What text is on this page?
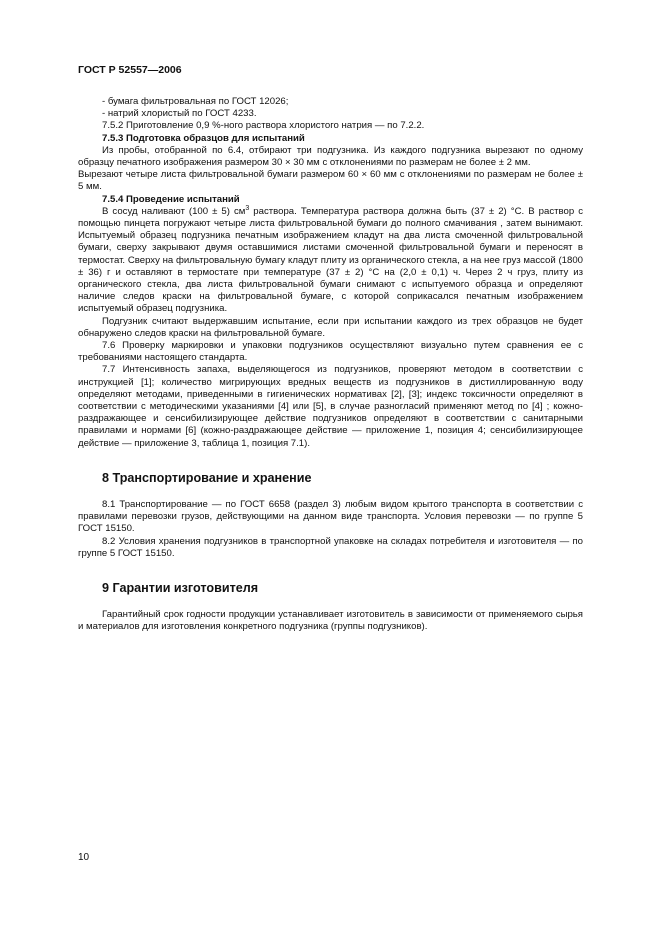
ГОСТ Р 52557—2006

- бумага фильтровальная по ГОСТ 12026;

- натрий хлористый по ГОСТ 4233.

7.5.2 Приготовление 0,9 %-ного раствора хлористого натрия — по 7.2.2.

7.5.3 Подготовка образцов для испытаний

Из пробы, отобранной по 6.4, отбирают три подгузника. Из каждого подгузника вырезают по одному образцу печатного изображения размером 30 × 30 мм с отклонениями по размерам не более ± 2 мм.

Вырезают четыре листа фильтровальной бумаги размером 60 × 60 мм с отклонениями по размерам не более ± 5 мм.

7.5.4 Проведение испытаний

В сосуд наливают (100 ± 5) $см^3$ раствора. Температура раствора должна быть (37 ± 2) °С. В раствор с помощью пинцета погружают четыре листа фильтровальной бумаги до полного смачивания , затем вынимают. Испытуемый образец подгузника печатным изображением кладут на два листа смоченной фильтровальной бумаги, сверху закрывают двумя оставшимися листами смоченной фильтровальной бумаги и переносят в термостат. Сверху на фильтровальную бумагу кладут плиту из органического стекла, а на нее груз массой (1800 ± 36) г и оставляют в термостате при температуре (37 ± 2) °С на (2,0 ± 0,1) ч. Через 2 ч груз, плиту из органического стекла, два листа фильтровальной бумаги снимают с испытуемого образца и определяют наличие следов краски на фильтровальной бумаге, с которой соприкасался печатным изображением испытуемый образец подгузника.

Подгузник считают выдержавшим испытание, если при испытании каждого из трех образцов не будет обнаружено следов краски на фильтровальной бумаге.

7.6 Проверку маркировки и упаковки подгузников осуществляют визуально путем сравнения ее с требованиями настоящего стандарта.

7.7 Интенсивность запаха, выделяющегося из подгузников, проверяют методом в соответствии с инструкцией [1]; количество мигрирующих вредных веществ из подгузников в дистиллированную воду определяют методами, приведенными в гигиенических нормативах [2], [3]; индекс токсичности определяют в соответствии с методическими указаниями [4] или [5], в случае разногласий применяют метод по [4] ; кожно-раздражающее и сенсибилизирующее действие подгузников определяют в соответствии с санитарными правилами и нормами [6] (кожно-раздражающее действие — приложение 1, позиция 4; сенсибилизирующее действие — приложение 3, таблица 1, позиция 7.1).

8 Транспортирование и хранение

8.1 Транспортирование — по ГОСТ 6658 (раздел 3) любым видом крытого транспорта в соответствии с правилами перевозки грузов, действующими на данном виде транспорта. Условия перевозки — по группе 5 ГОСТ 15150.

8.2 Условия хранения подгузников в транспортной упаковке на складах потребителя и изготовителя — по группе 5 ГОСТ 15150.

9 Гарантии изготовителя

Гарантийный срок годности продукции устанавливает изготовитель в зависимости от применяемого сырья и материалов для изготовления конкретного подгузника (группы подгузников).

10
